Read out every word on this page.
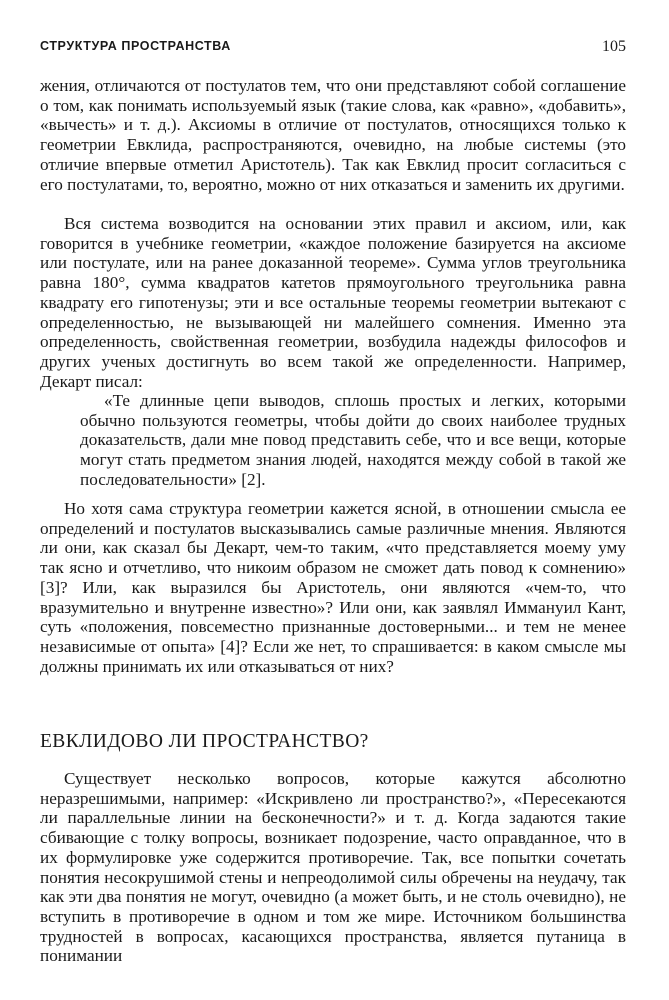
СТРУКТУРА ПРОСТРАНСТВА	105

жения, отличаются от постулатов тем, что они представляют собой соглашение о том, как понимать используемый язык (такие слова, как «равно», «добавить», «вычесть» и т. д.). Аксиомы в отличие от постулатов, относящихся только к геометрии Евклида, распространяются, очевидно, на любые системы (это отличие впервые отметил Аристотель). Так как Евклид просит согласиться с его постулатами, то, вероятно, можно от них отказаться и заменить их другими.

Вся система возводится на основании этих правил и аксиом, или, как говорится в учебнике геометрии, «каждое положение базируется на аксиоме или постулате, или на ранее доказанной теореме». Сумма углов треугольника равна 180°, сумма квадратов катетов прямоугольного треугольника равна квадрату его гипотенузы; эти и все остальные теоремы геометрии вытекают с определенностью, не вызывающей ни малейшего сомнения. Именно эта определенность, свойственная геометрии, возбудила надежды философов и других ученых достигнуть во всем такой же определенности. Например, Декарт писал:

«Те длинные цепи выводов, сплошь простых и легких, которыми обычно пользуются геометры, чтобы дойти до своих наиболее трудных доказательств, дали мне повод представить себе, что и все вещи, которые могут стать предметом знания людей, находятся между собой в такой же последовательности» [2].

Но хотя сама структура геометрии кажется ясной, в отношении смысла ее определений и постулатов высказывались самые различные мнения. Являются ли они, как сказал бы Декарт, чем-то таким, «что представляется моему уму так ясно и отчетливо, что никоим образом не сможет дать повод к сомнению» [3]? Или, как выразился бы Аристотель, они являются «чем-то, что вразумительно и внутренне известно»? Или они, как заявлял Иммануил Кант, суть «положения, повсеместно признанные достоверными... и тем не менее независимые от опыта» [4]? Если же нет, то спрашивается: в каком смысле мы должны принимать их или отказываться от них?

ЕВКЛИДОВО ЛИ ПРОСТРАНСТВО?

Существует несколько вопросов, которые кажутся абсолютно неразрешимыми, например: «Искривлено ли пространство?», «Пересекаются ли параллельные линии на бесконечности?» и т. д. Когда задаются такие сбивающие с толку вопросы, возникает подозрение, часто оправданное, что в их формулировке уже содержится противоречие. Так, все попытки сочетать понятия несокрушимой стены и непреодолимой силы обречены на неудачу, так как эти два понятия не могут, очевидно (а может быть, и не столь очевидно), не вступить в противоречие в одном и том же мире. Источником большинства трудностей в вопросах, касающихся пространства, является путаница в понимании
